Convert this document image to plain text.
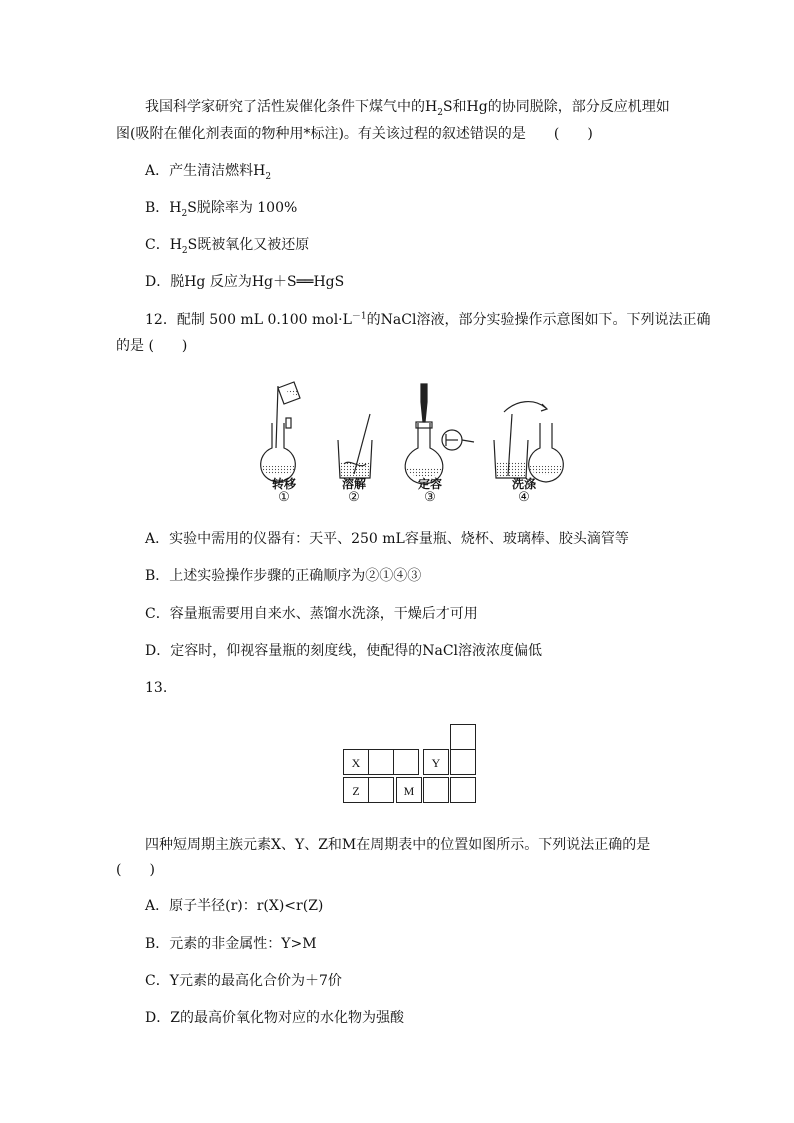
我国科学家研究了活性炭催化条件下煤气中的$H_2S$和Hg的协同脱除，部分反应机理如
图(吸附在催化剂表面的物种用*标注)。有关该过程的叙述错误的是　　(　　)
A．产生清洁燃料$H_2$
B．$H_2S$脱除率为 100%
C．$H_2S$既被氧化又被还原
D．脱Hg 反应为Hg＋S══HgS
12．配制 500 mL 0.100 $mol\cdot L^{-1}$的NaCl溶液，部分实验操作示意图如下。下列说法正确
的是 (　　)
转移
①
溶解
②
定容
③
洗涤
④
A．实验中需用的仪器有：天平、250 mL容量瓶、烧杯、玻璃棒、胶头滴管等
B．上述实验操作步骤的正确顺序为②①④③
C．容量瓶需要用自来水、蒸馏水洗涤，干燥后才可用
D．定容时，仰视容量瓶的刻度线，使配得的NaCl溶液浓度偏低
13.
X	Y
Z	M
四种短周期主族元素X、Y、Z和M在周期表中的位置如图所示。下列说法正确的是
(　　)
A．原子半径(r)：r(X)<r(Z)
B．元素的非金属性：Y>M
C．Y元素的最高化合价为＋7价
D．Z的最高价氧化物对应的水化物为强酸
